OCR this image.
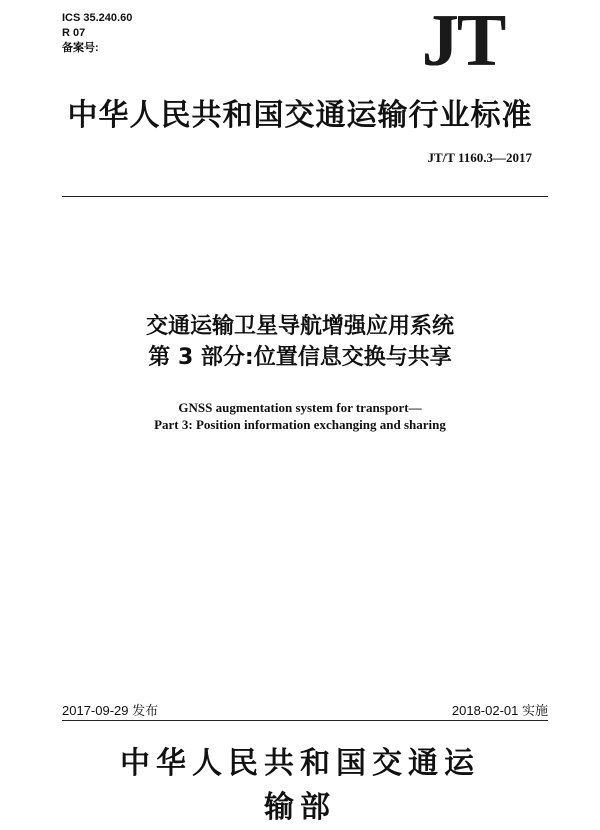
ICS 35.240.60
R 07
备案号:	JT
中华人民共和国交通运输行业标准
JT/T 1160.3—2017
交通运输卫星导航增强应用系统
第 3 部分:位置信息交换与共享
GNSS augmentation system for transport—
Part 3: Position information exchanging and sharing
2017-09-29 发布	2018-02-01 实施
中华人民共和国交通运输部
